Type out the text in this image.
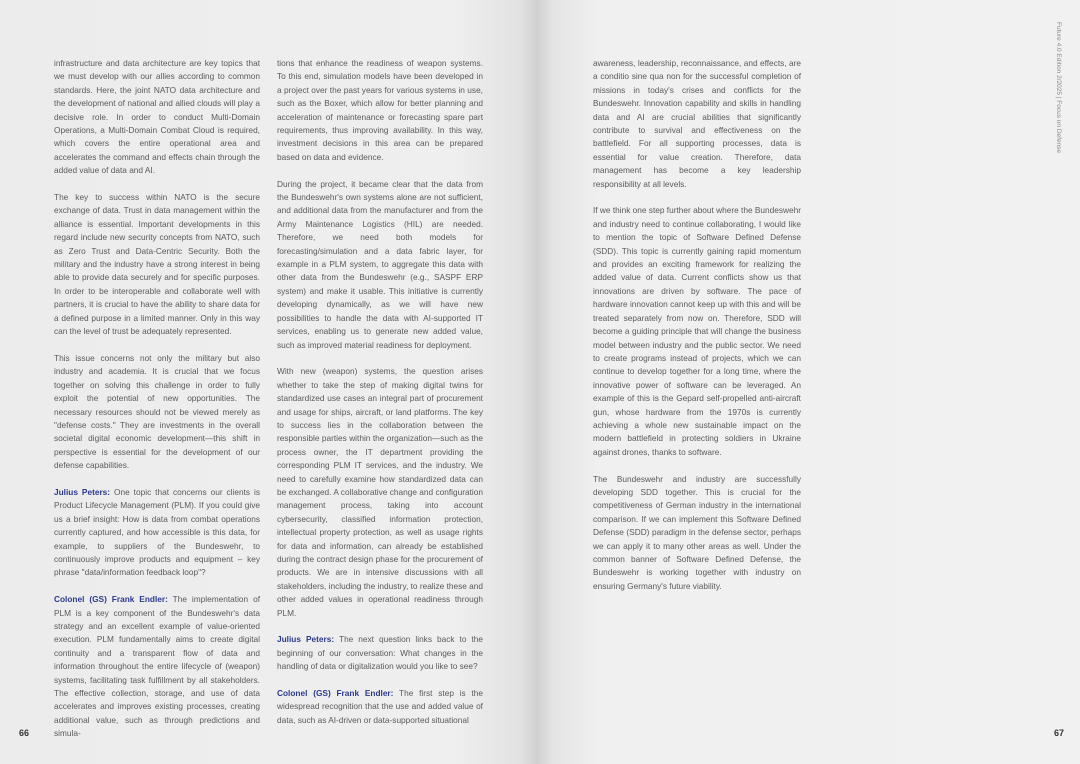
infrastructure and data architecture are key topics that we must develop with our allies according to common standards. Here, the joint NATO data architecture and the development of national and allied clouds will play a decisive role. In order to conduct Multi-Domain Operations, a Multi-Domain Combat Cloud is required, which covers the entire operational area and accelerates the command and effects chain through the added value of data and AI.

The key to success within NATO is the secure exchange of data. Trust in data management within the alliance is essential. Important developments in this regard include new security concepts from NATO, such as Zero Trust and Data-Centric Security. Both the military and the industry have a strong interest in being able to provide data securely and for specific purposes. In order to be interoperable and collaborate well with partners, it is crucial to have the ability to share data for a defined purpose in a limited manner. Only in this way can the level of trust be adequately represented.

This issue concerns not only the military but also industry and academia. It is crucial that we focus together on solving this challenge in order to fully exploit the potential of new opportunities. The necessary resources should not be viewed merely as "defense costs." They are investments in the overall societal digital economic development—this shift in perspective is essential for the development of our defense capabilities.

Julius Peters: One topic that concerns our clients is Product Lifecycle Management (PLM). If you could give us a brief insight: How is data from combat operations currently captured, and how accessible is this data, for example, to suppliers of the Bundeswehr, to continuously improve products and equipment – key phrase "data/information feedback loop"?

Colonel (GS) Frank Endler: The implementation of PLM is a key component of the Bundeswehr's data strategy and an excellent example of value-oriented execution. PLM fundamentally aims to create digital continuity and a transparent flow of data and information throughout the entire lifecycle of (weapon) systems, facilitating task fulfillment by all stakeholders. The effective collection, storage, and use of data accelerates and improves existing processes, creating additional value, such as through predictions and simula-

tions that enhance the readiness of weapon systems. To this end, simulation models have been developed in a project over the past years for various systems in use, such as the Boxer, which allow for better planning and acceleration of maintenance or forecasting spare part requirements, thus improving availability. In this way, investment decisions in this area can be prepared based on data and evidence.

During the project, it became clear that the data from the Bundeswehr's own systems alone are not sufficient, and additional data from the manufacturer and from the Army Maintenance Logistics (HIL) are needed. Therefore, we need both models for forecasting/simulation and a data fabric layer, for example in a PLM system, to aggregate this data with other data from the Bundeswehr (e.g., SASPF ERP system) and make it usable. This initiative is currently developing dynamically, as we will have new possibilities to handle the data with AI-supported IT services, enabling us to generate new added value, such as improved material readiness for deployment.

With new (weapon) systems, the question arises whether to take the step of making digital twins for standardized use cases an integral part of procurement and usage for ships, aircraft, or land platforms. The key to success lies in the collaboration between the responsible parties within the organization—such as the process owner, the IT department providing the corresponding PLM IT services, and the industry. We need to carefully examine how standardized data can be exchanged. A collaborative change and configuration management process, taking into account cybersecurity, classified information protection, intellectual property protection, as well as usage rights for data and information, can already be established during the contract design phase for the procurement of products. We are in intensive discussions with all stakeholders, including the industry, to realize these and other added values in operational readiness through PLM.

Julius Peters: The next question links back to the beginning of our conversation: What changes in the handling of data or digitalization would you like to see?

Colonel (GS) Frank Endler: The first step is the widespread recognition that the use and added value of data, such as AI-driven or data-supported situational

66
Future 4.0 Edition 2/2025 | Focus on Defense

awareness, leadership, reconnaissance, and effects, are a conditio sine qua non for the successful completion of missions in today's crises and conflicts for the Bundeswehr. Innovation capability and skills in handling data and AI are crucial abilities that significantly contribute to survival and effectiveness on the battlefield. For all supporting processes, data is essential for value creation. Therefore, data management has become a key leadership responsibility at all levels.

If we think one step further about where the Bundeswehr and industry need to continue collaborating, I would like to mention the topic of Software Defined Defense (SDD). This topic is currently gaining rapid momentum and provides an exciting framework for realizing the added value of data. Current conflicts show us that innovations are driven by software. The pace of hardware innovation cannot keep up with this and will be treated separately from now on. Therefore, SDD will become a guiding principle that will change the business model between industry and the public sector. We need to create programs instead of projects, which we can continue to develop together for a long time, where the innovative power of software can be leveraged. An example of this is the Gepard self-propelled anti-aircraft gun, whose hardware from the 1970s is currently achieving a whole new sustainable impact on the modern battlefield in protecting soldiers in Ukraine against drones, thanks to software.

The Bundeswehr and industry are successfully developing SDD together. This is crucial for the competitiveness of German industry in the international comparison. If we can implement this Software Defined Defense (SDD) paradigm in the defense sector, perhaps we can apply it to many other areas as well. Under the common banner of Software Defined Defense, the Bundeswehr is working together with industry on ensuring Germany's future viability.

67
